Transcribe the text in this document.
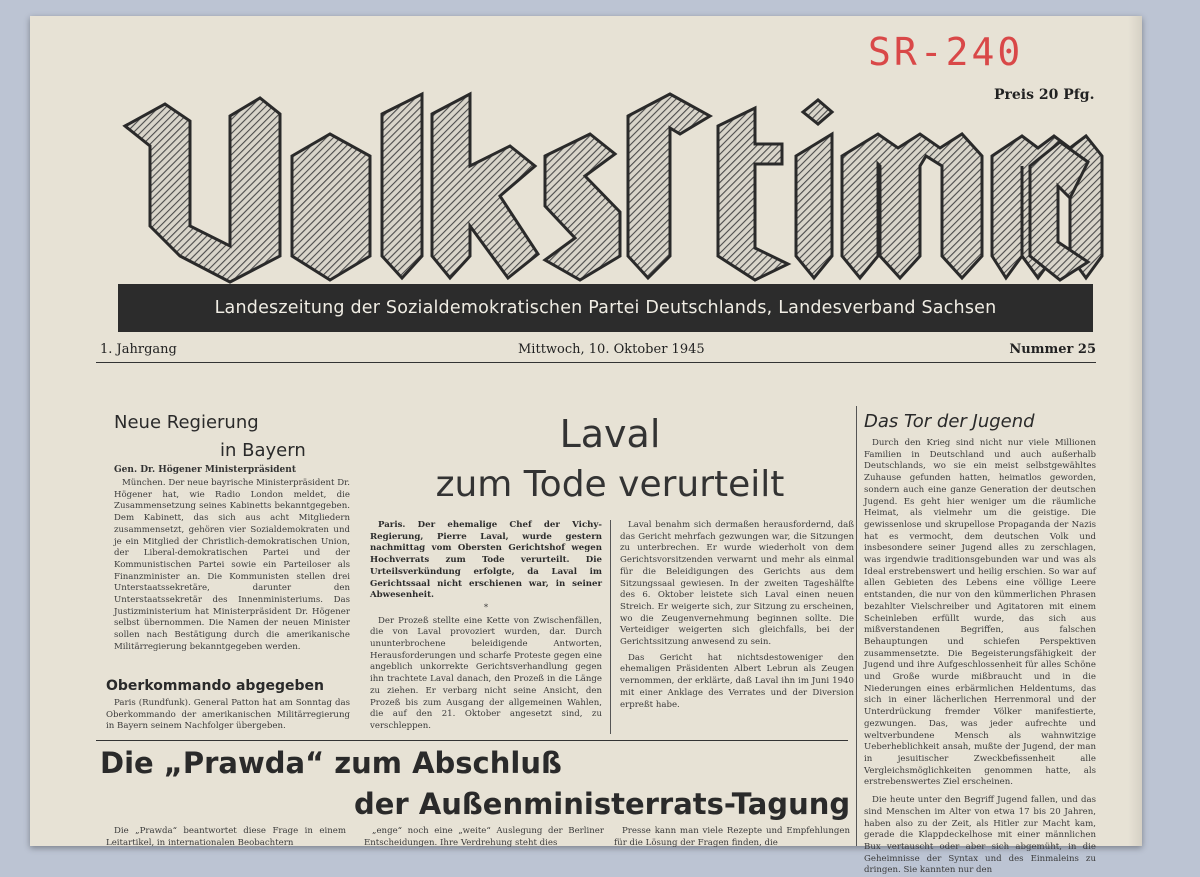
SR-240
Preis 20 Pfg.
Landeszeitung der Sozialdemokratischen Partei Deutschlands, Landesverband Sachsen
1. Jahrgang	Mittwoch, 10. Oktober 1945	Nummer 25
Neue Regierung
in Bayern
Gen. Dr. Högener Ministerpräsident

München. Der neue bayrische Ministerpräsident Dr. Högener hat, wie Radio London meldet, die Zusammensetzung seines Kabinetts bekanntgegeben. Dem Kabinett, das sich aus acht Mitgliedern zusammensetzt, gehören vier Sozialdemokraten und je ein Mitglied der Christlich-demokratischen Union, der Liberal-demokratischen Partei und der Kommunistischen Partei sowie ein Parteiloser als Finanzminister an. Die Kommunisten stellen drei Unterstaatssekretäre, darunter den Unterstaatssekretär des Innenministeriums. Das Justizministerium hat Ministerpräsident Dr. Högener selbst übernommen. Die Namen der neuen Minister sollen nach Bestätigung durch die amerikanische Militärregierung bekanntgegeben werden.

Oberkommando abgegeben

Paris (Rundfunk). General Patton hat am Sonntag das Oberkommando der amerikanischen Militärregierung in Bayern seinem Nachfolger übergeben.

Laval
zum Tode verurteilt

Paris. Der ehemalige Chef der Vichy-Regierung, Pierre Laval, wurde gestern nachmittag vom Obersten Gerichtshof wegen Hochverrats zum Tode verurteilt. Die Urteilsverkündung erfolgte, da Laval im Gerichtssaal nicht erschienen war, in seiner Abwesenheit.

*

Der Prozeß stellte eine Kette von Zwischenfällen, die von Laval provoziert wurden, dar. Durch ununterbrochene beleidigende Antworten, Herausforderungen und scharfe Proteste gegen eine angeblich unkorrekte Gerichtsverhandlung gegen ihn trachtete Laval danach, den Prozeß in die Länge zu ziehen. Er verbarg nicht seine Ansicht, den Prozeß bis zum Ausgang der allgemeinen Wahlen, die auf den 21. Oktober angesetzt sind, zu verschleppen.

Laval benahm sich dermaßen herausfordernd, daß das Gericht mehrfach gezwungen war, die Sitzungen zu unterbrechen. Er wurde wiederholt von dem Gerichtsvorsitzenden verwarnt und mehr als einmal für die Beleidigungen des Gerichts aus dem Sitzungssaal gewiesen. In der zweiten Tageshälfte des 6. Oktober leistete sich Laval einen neuen Streich. Er weigerte sich, zur Sitzung zu erscheinen, wo die Zeugenvernehmung beginnen sollte. Die Verteidiger weigerten sich gleichfalls, bei der Gerichtssitzung anwesend zu sein.

Das Gericht hat nichtsdestoweniger den ehemaligen Präsidenten Albert Lebrun als Zeugen vernommen, der erklärte, daß Laval ihn im Juni 1940 mit einer Anklage des Verrates und der Diversion erpreßt habe.

Das Tor der Jugend

Durch den Krieg sind nicht nur viele Millionen Familien in Deutschland und auch außerhalb Deutschlands, wo sie ein meist selbstgewähltes Zuhause gefunden hatten, heimatlos geworden, sondern auch eine ganze Generation der deutschen Jugend. Es geht hier weniger um die räumliche Heimat, als vielmehr um die geistige. Die gewissenlose und skrupellose Propaganda der Nazis hat es vermocht, dem deutschen Volk und insbesondere seiner Jugend alles zu zerschlagen, was irgendwie traditionsgebunden war und was als Ideal erstrebenswert und heilig erschien. So war auf allen Gebieten des Lebens eine völlige Leere entstanden, die nur von den kümmerlichen Phrasen bezahlter Vielschreiber und Agitatoren mit einem Scheinleben erfüllt wurde, das sich aus mißverstandenen Begriffen, aus falschen Behauptungen und schiefen Perspektiven zusammensetzte. Die Begeisterungsfähigkeit der Jugend und ihre Aufgeschlossenheit für alles Schöne und Große wurde mißbraucht und in die Niederungen eines erbärmlichen Heldentums, das sich in einer lächerlichen Herrenmoral und der Unterdrückung fremder Völker manifestierte, gezwungen. Das, was jeder aufrechte und weltverbundene Mensch als wahnwitzige Ueberheblichkeit ansah, mußte der Jugend, der man in jesuitischer Zweckbefissenheit alle Vergleichsmöglichkeiten genommen hatte, als erstrebenswertes Ziel erscheinen.

Die heute unter den Begriff Jugend fallen, und das sind Menschen im Alter von etwa 17 bis 20 Jahren, haben also zu der Zeit, als Hitler zur Macht kam, gerade die Klappdeckelhose mit einer männlichen Bux vertauscht oder aber sich abgemüht, in die Geheimnisse der Syntax und des Einmaleins zu dringen. Sie kannten nur den

Die „Prawda“ zum Abschluß
der Außenministerrats-Tagung

Die „Prawda“ beantwortet diese Frage in einem Leitartikel, in internationalen Beobachtern

„enge“ noch eine „weite“ Auslegung der Berliner Entscheidungen. Ihre Verdrehung steht dies

Presse kann man viele Rezepte und Empfehlungen für die Lösung der Fragen finden, die
